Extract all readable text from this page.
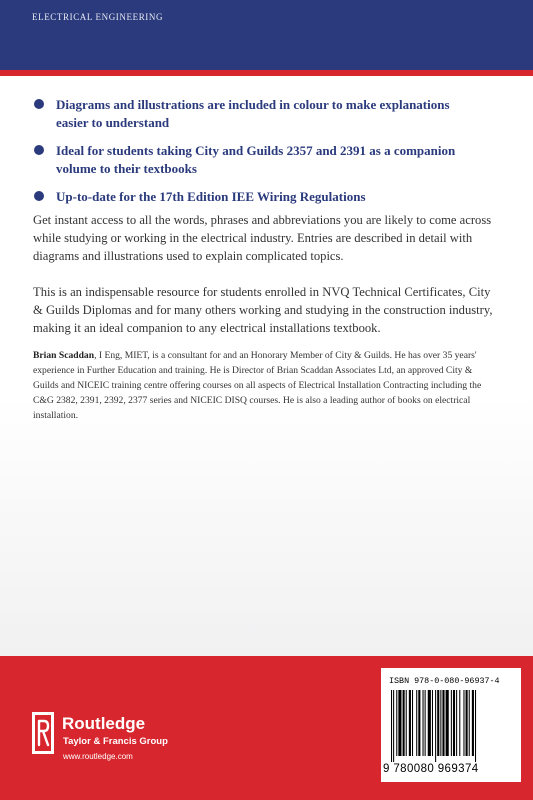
ELECTRICAL ENGINEERING
Diagrams and illustrations are included in colour to make explanations easier to understand
Ideal for students taking City and Guilds 2357 and 2391 as a companion volume to their textbooks
Up-to-date for the 17th Edition IEE Wiring Regulations

Get instant access to all the words, phrases and abbreviations you are likely to come across while studying or working in the electrical industry. Entries are described in detail with diagrams and illustrations used to explain complicated topics.

This is an indispensable resource for students enrolled in NVQ Technical Certificates, City & Guilds Diplomas and for many others working and studying in the construction industry, making it an ideal companion to any electrical installations textbook.

Brian Scaddan, I Eng, MIET, is a consultant for and an Honorary Member of City & Guilds. He has over 35 years' experience in Further Education and training. He is Director of Brian Scaddan Associates Ltd, an approved City & Guilds and NICEIC training centre offering courses on all aspects of Electrical Installation Contracting including the C&G 2382, 2391, 2392, 2377 series and NICEIC DISQ courses. He is also a leading author of books on electrical installation.

Routledge
Taylor & Francis Group
www.routledge.com
ISBN 978-0-080-96937-4
9 780080 969374
